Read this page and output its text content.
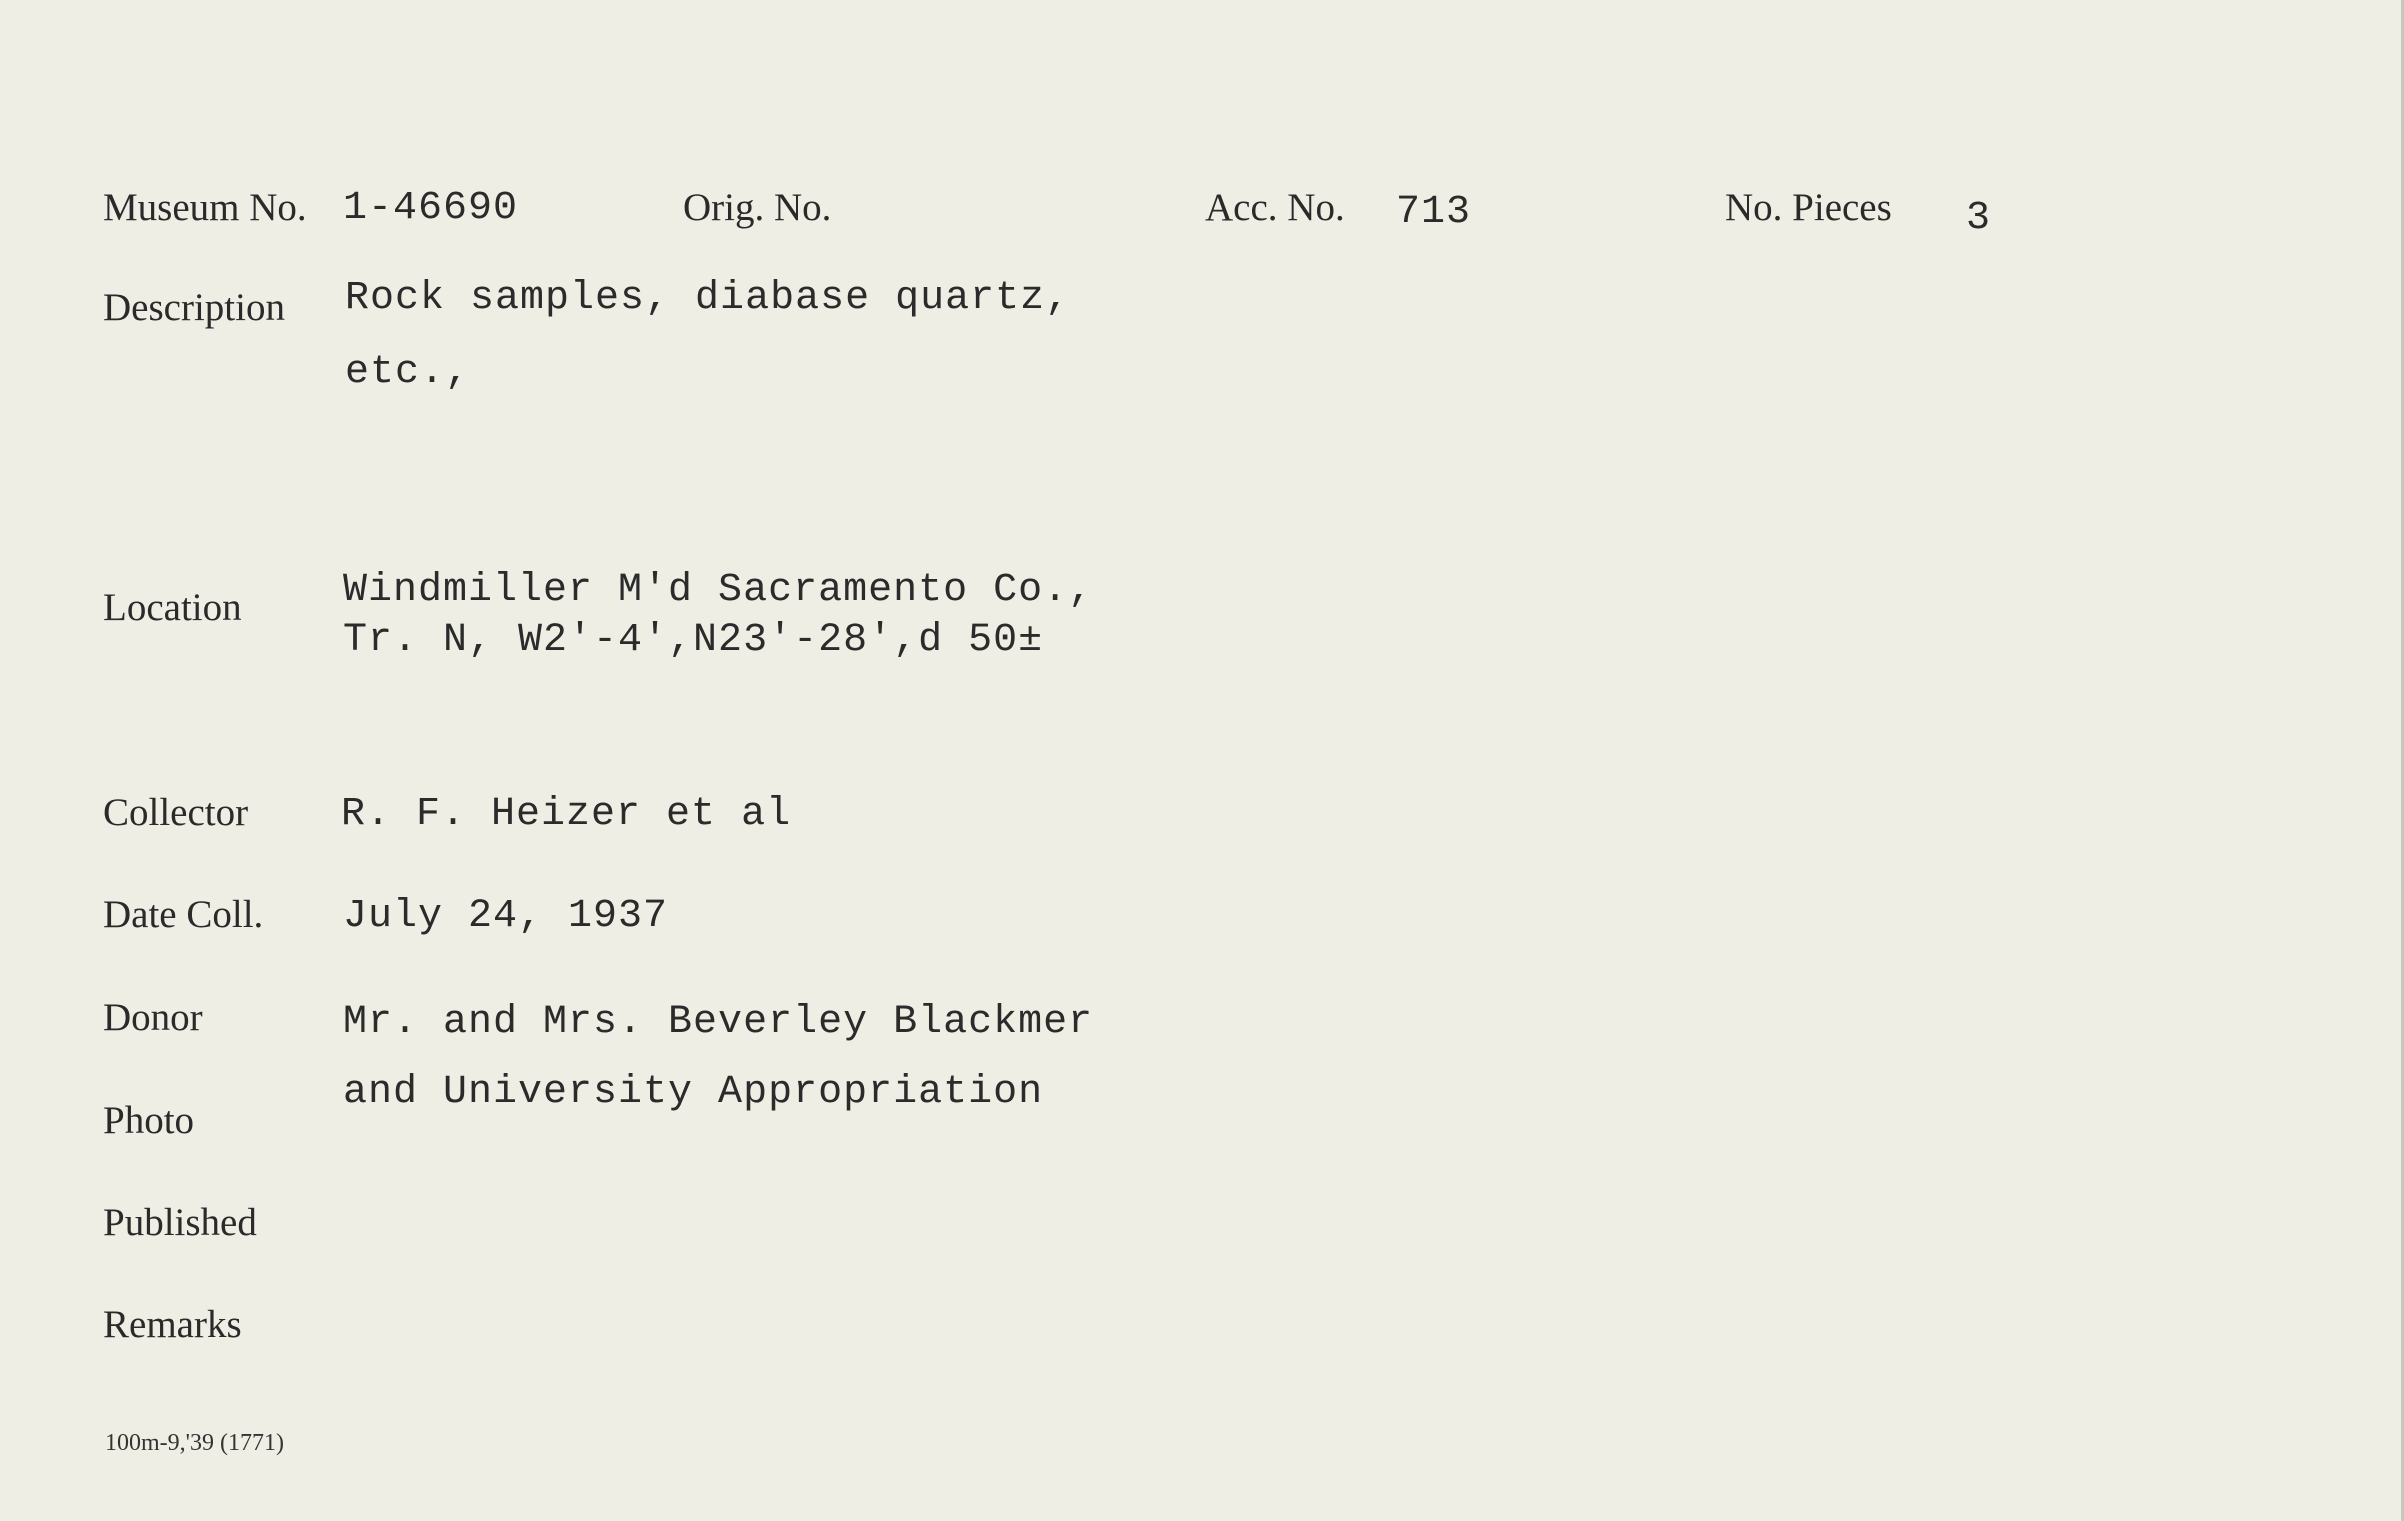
Museum No. 1-46690	Orig. No.	Acc. No. 713	No. Pieces 3
Description Rock samples, diabase quartz,
etc.,
Location	Windmiller M'd Sacramento Co.,
Tr. N, W2'-4',N23'-28',d 50±
Collector R. F. Heizer et al
Date Coll. July 24, 1937
Donor	Mr. and Mrs. Beverley Blackmer
and University Appropriation
Photo
Published
Remarks
100m-9,'39 (1771)
